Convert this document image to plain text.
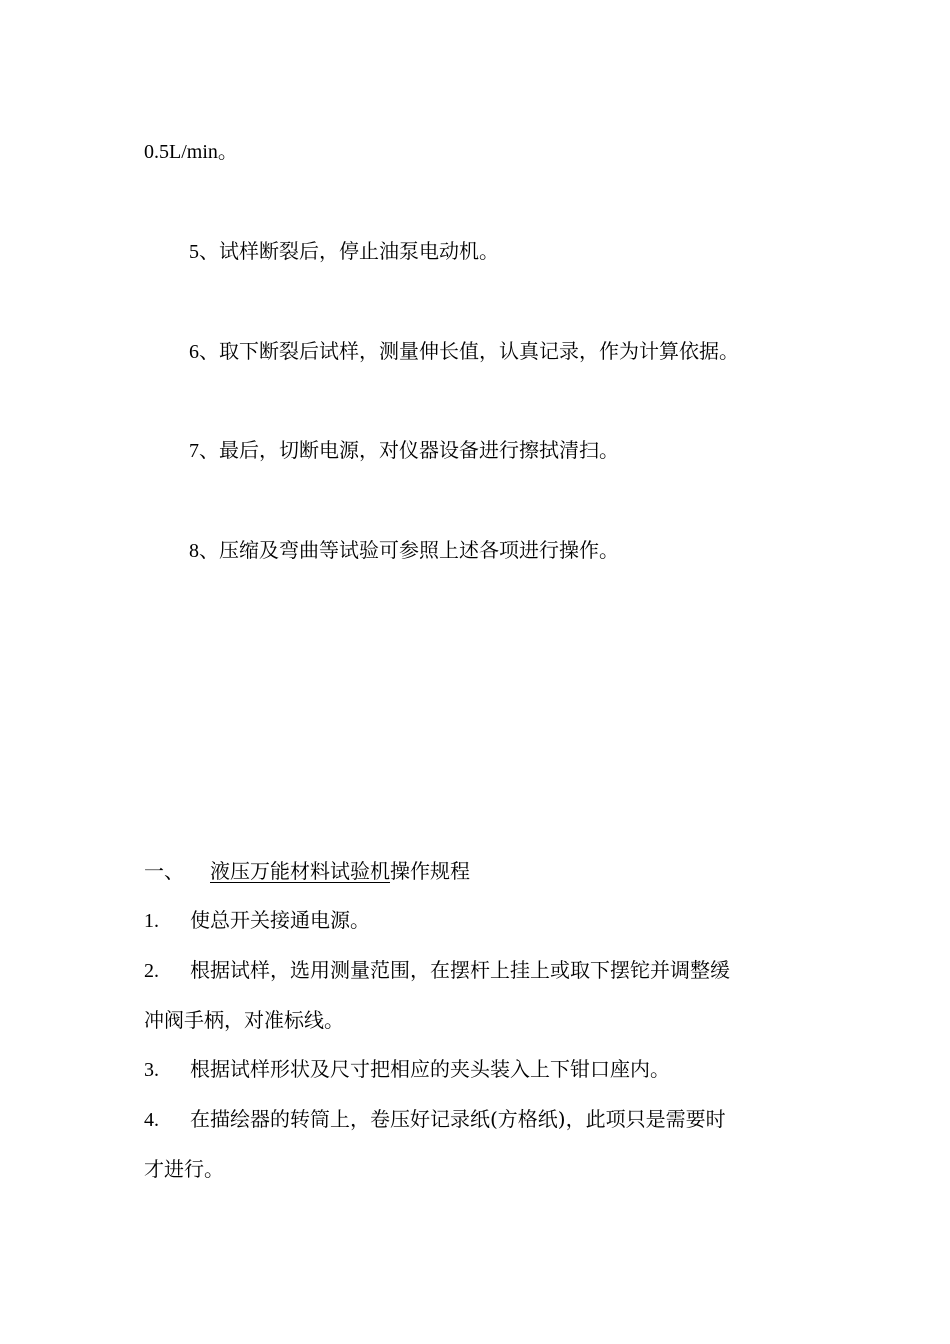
0.5L/min。
5、试样断裂后，停止油泵电动机。
6、取下断裂后试样，测量伸长值，认真记录，作为计算依据。
7、最后，切断电源，对仪器设备进行擦拭清扫。
8、压缩及弯曲等试验可参照上述各项进行操作。
一、 液压万能材料试验机操作规程
1. 使总开关接通电源。
2. 根据试样，选用测量范围，在摆杆上挂上或取下摆铊并调整缓
冲阀手柄，对准标线。
3. 根据试样形状及尺寸把相应的夹头装入上下钳口座内。
4. 在描绘器的转筒上，卷压好记录纸(方格纸)，此项只是需要时
才进行。
